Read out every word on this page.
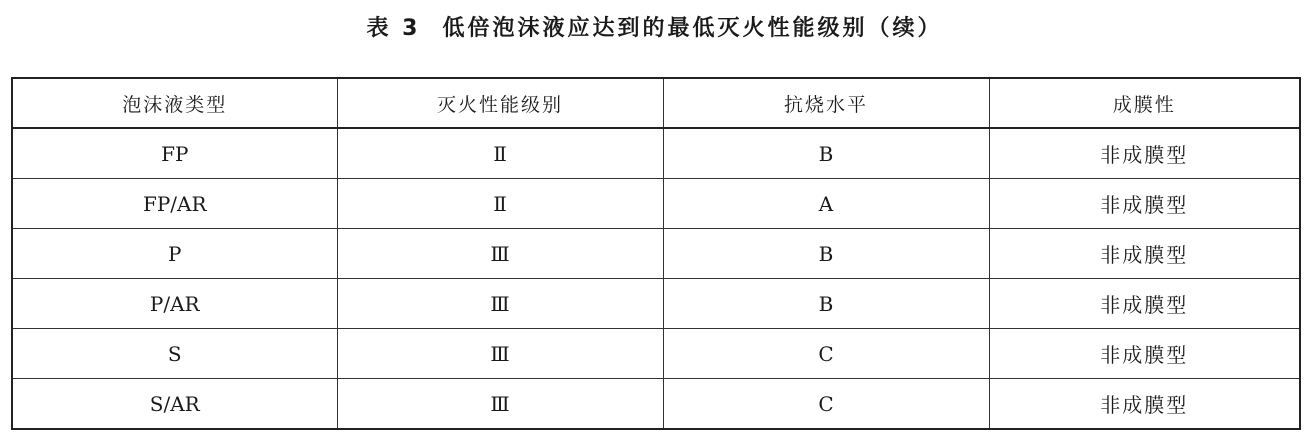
表 3 低倍泡沫液应达到的最低灭火性能级别（续）
泡沫液类型	灭火性能级别	抗烧水平	成膜性
FP	Ⅱ	B	非成膜型
FP/AR	Ⅱ	A	非成膜型
P	Ⅲ	B	非成膜型
P/AR	Ⅲ	B	非成膜型
S	Ⅲ	C	非成膜型
S/AR	Ⅲ	C	非成膜型
